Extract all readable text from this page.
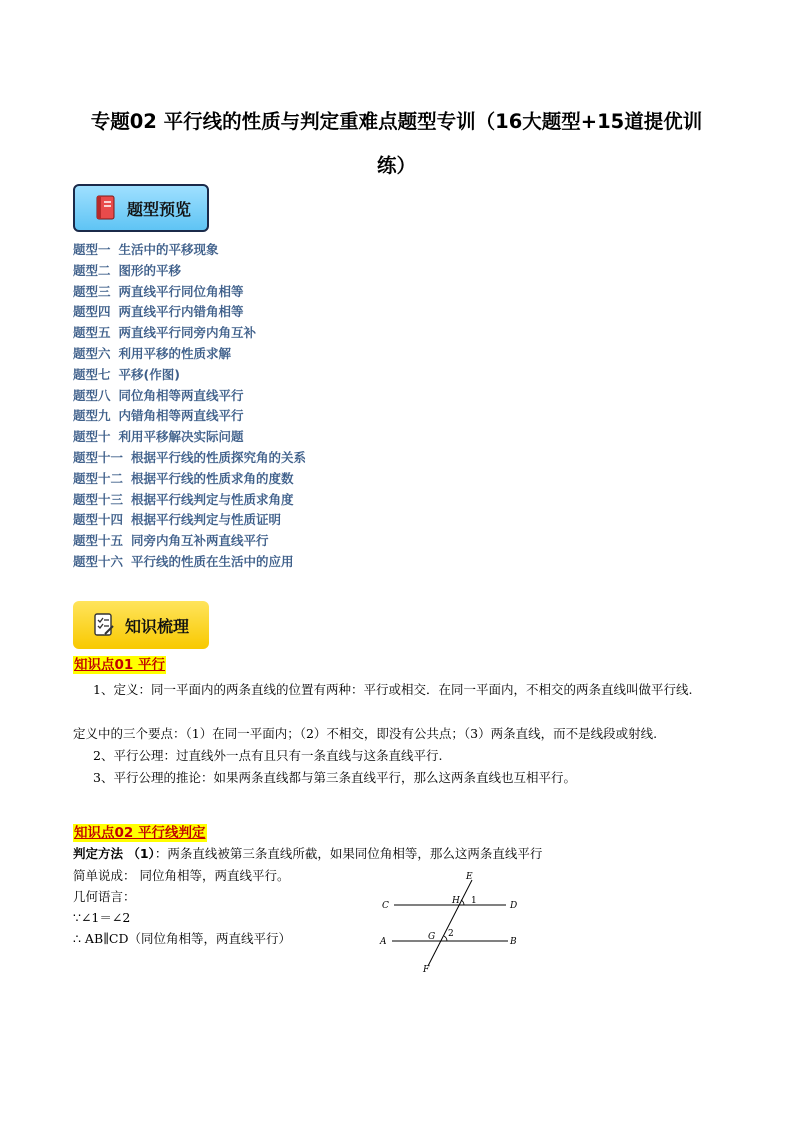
专题02 平行线的性质与判定重难点题型专训（16大题型+15道提优训
练）
题型预览
题型一 生活中的平移现象
题型二 图形的平移
题型三 两直线平行同位角相等
题型四 两直线平行内错角相等
题型五 两直线平行同旁内角互补
题型六 利用平移的性质求解
题型七 平移(作图)
题型八 同位角相等两直线平行
题型九 内错角相等两直线平行
题型十 利用平移解决实际问题
题型十一 根据平行线的性质探究角的关系
题型十二 根据平行线的性质求角的度数
题型十三 根据平行线判定与性质求角度
题型十四 根据平行线判定与性质证明
题型十五 同旁内角互补两直线平行
题型十六 平行线的性质在生活中的应用
知识梳理
知识点01 平行

1、定义：同一平面内的两条直线的位置有两种：平行或相交．在同一平面内，不相交的两条直线叫做平行线.

定义中的三个要点：（1）在同一平面内；（2）不相交，即没有公共点；（3）两条直线，而不是线段或射线.

2、平行公理：过直线外一点有且只有一条直线与这条直线平行.

3、平行公理的推论：如果两条直线都与第三条直线平行，那么这两条直线也互相平行。

知识点02 平行线判定
判定方法 （1）：两条直线被第三条直线所截，如果同位角相等，那么这两条直线平行
简单说成： 同位角相等，两直线平行。
几何语言：
∵∠1＝∠2
∴ AB∥CD（同位角相等，两直线平行）
E
F
C	D
A	B
H
G
1
2
